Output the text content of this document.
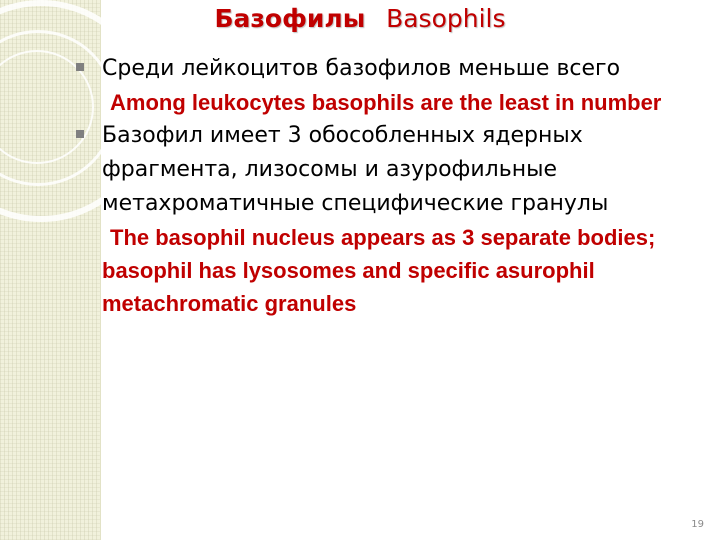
Базофилы Basophils

Среди лейкоцитов базофилов меньше всего

Among leukocytes basophils are the least in number

Базофил имеет 3 обособленных ядерных фрагмента, лизосомы и азурофильные метахроматичные специфические гранулы

The basophil nucleus appears as 3 separate bodies; basophil has lysosomes and specific asurophil metachromatic granules

19
